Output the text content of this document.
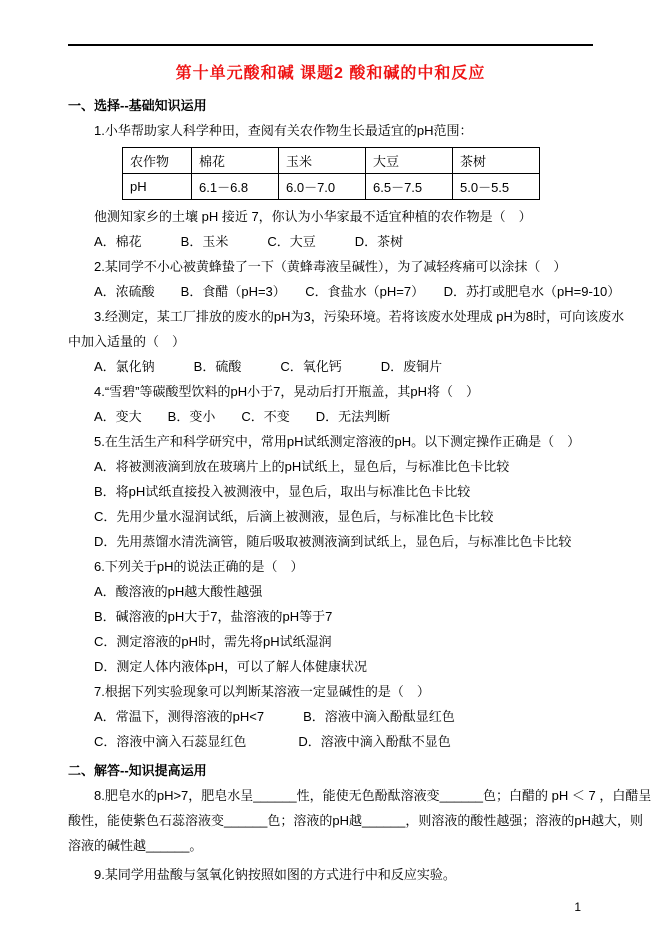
第十单元酸和碱 课题2 酸和碱的中和反应

一、选择--基础知识运用

1.小华帮助家人科学种田，查阅有关农作物生长最适宜的pH范围：

农作物	棉花	玉米	大豆	茶树
pH	6.1－6.8	6.0－7.0	6.5－7.5	5.0－5.5

他测知家乡的土壤 pH 接近 7，你认为小华家最不适宜种植的农作物是（　）

A．棉花　　　B．玉米　　　C．大豆　　　D．茶树

2.某同学不小心被黄蜂蛰了一下（黄蜂毒液呈碱性），为了减轻疼痛可以涂抹（　）

A．浓硫酸　　B．食醋（pH=3）　　C．食盐水（pH=7）　　D．苏打或肥皂水（pH=9-10）

3.经测定，某工厂排放的废水的pH为3，污染环境。若将该废水处理成 pH为8时，可向该废水

中加入适量的（　）

A．氯化钠　　　B．硫酸　　　C．氧化钙　　　D．废铜片

4.“雪碧”等碳酸型饮料的pH小于7，晃动后打开瓶盖，其pH将（　）

A．变大　　B．变小　　C．不变　　D．无法判断

5.在生活生产和科学研究中，常用pH试纸测定溶液的pH。以下测定操作正确是（　）

A．将被测液滴到放在玻璃片上的pH试纸上，显色后，与标准比色卡比较

B．将pH试纸直接投入被测液中，显色后，取出与标准比色卡比较

C．先用少量水湿润试纸，后滴上被测液，显色后，与标准比色卡比较

D．先用蒸馏水清洗滴管，随后吸取被测液滴到试纸上，显色后，与标准比色卡比较

6.下列关于pH的说法正确的是（　）

A．酸溶液的pH越大酸性越强

B．碱溶液的pH大于7，盐溶液的pH等于7

C．测定溶液的pH时，需先将pH试纸湿润

D．测定人体内液体pH，可以了解人体健康状况

7.根据下列实验现象可以判断某溶液一定显碱性的是（　）

A．常温下，测得溶液的pH<7　　　B．溶液中滴入酚酞显红色

C．溶液中滴入石蕊显红色　　　　D．溶液中滴入酚酞不显色

二、解答--知识提高运用

8.肥皂水的pH>7，肥皂水呈______性，能使无色酚酞溶液变______色；白醋的 pH ＜ 7 ，白醋呈

酸性，能使紫色石蕊溶液变______色；溶液的pH越______，则溶液的酸性越强；溶液的pH越大，则

溶液的碱性越______。

9.某同学用盐酸与氢氧化钠按照如图的方式进行中和反应实验。

1
